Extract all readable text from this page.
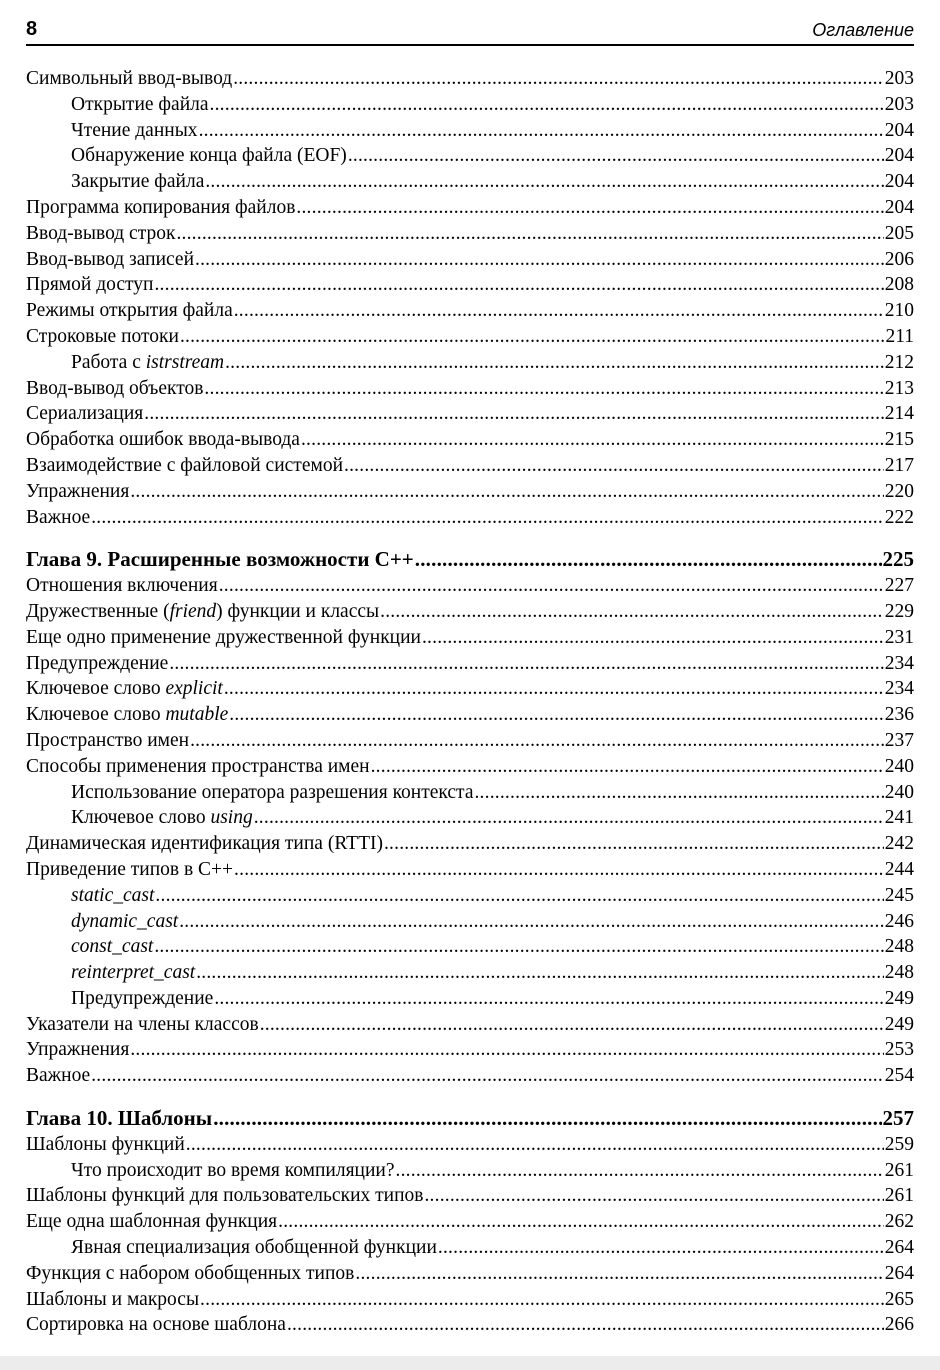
8	Оглавление
Символьный ввод-вывод .....	203
Открытие файла .....	203
Чтение данных .....	204
Обнаружение конца файла (EOF) .....	204
Закрытие файла .....	204
Программа копирования файлов .....	204
Ввод-вывод строк .....	205
Ввод-вывод записей .....	206
Прямой доступ .....	208
Режимы открытия файла .....	210
Строковые потоки .....	211
Работа с istrstream .....	212
Ввод-вывод объектов .....	213
Сериализация .....	214
Обработка ошибок ввода-вывода .....	215
Взаимодействие с файловой системой .....	217
Упражнения .....	220
Важное .....	222
Глава 9. Расширенные возможности С++ .....	225
Отношения включения .....	227
Дружественные (friend) функции и классы .....	229
Еще одно применение дружественной функции .....	231
Предупреждение .....	234
Ключевое слово explicit .....	234
Ключевое слово mutable .....	236
Пространство имен .....	237
Способы применения пространства имен .....	240
Использование оператора разрешения контекста .....	240
Ключевое слово using .....	241
Динамическая идентификация типа (RTTI) .....	242
Приведение типов в С++ .....	244
static_cast .....	245
dynamic_cast .....	246
const_cast .....	248
reinterpret_cast .....	248
Предупреждение .....	249
Указатели на члены классов .....	249
Упражнения .....	253
Важное .....	254
Глава 10. Шаблоны .....	257
Шаблоны функций .....	259
Что происходит во время компиляции? .....	261
Шаблоны функций для пользовательских типов .....	261
Еще одна шаблонная функция .....	262
Явная специализация обобщенной функции .....	264
Функция с набором обобщенных типов .....	264
Шаблоны и макросы .....	265
Сортировка на основе шаблона .....	266
